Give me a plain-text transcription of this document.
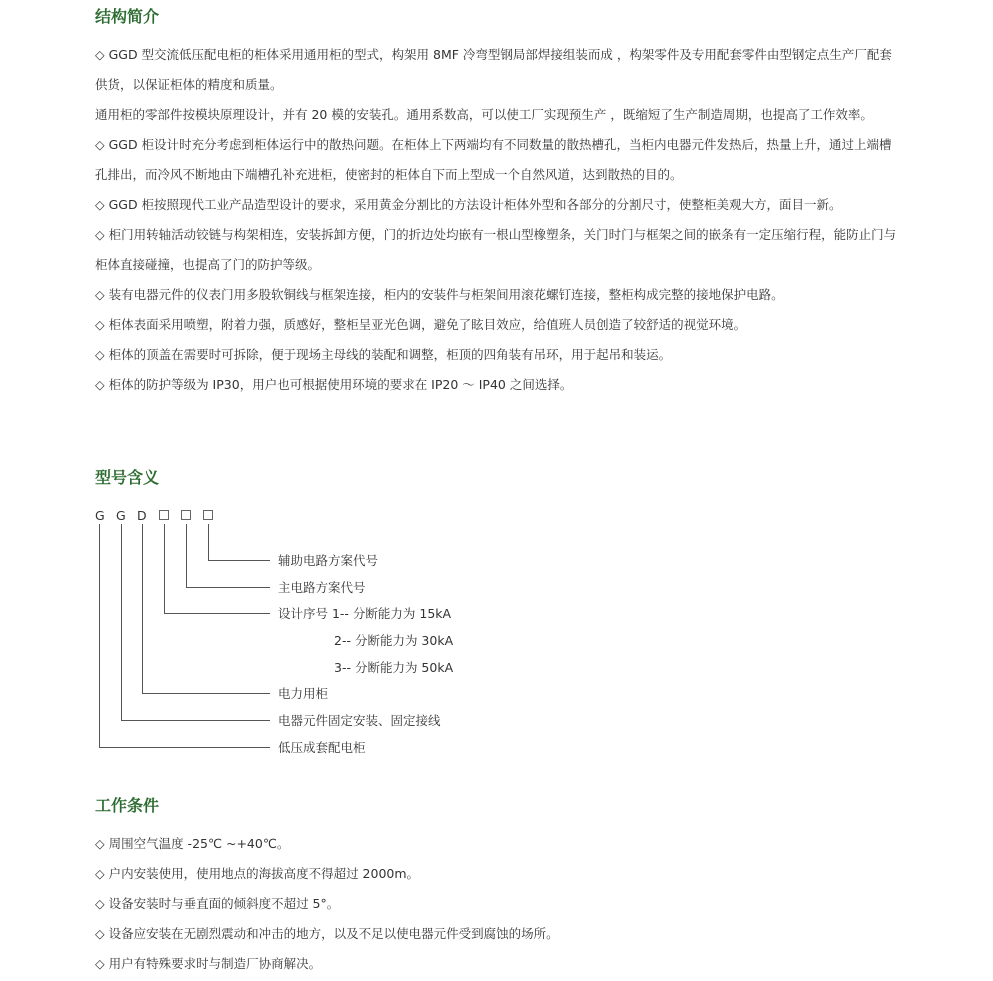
结构简介

◇ GGD 型交流低压配电柜的柜体采用通用柜的型式，构架用 8MF 冷弯型钢局部焊接组装而成 ，构架零件及专用配套零件由型钢定点生产厂配套供货，以保证柜体的精度和质量。

通用柜的零部件按模块原理设计，并有 20 模的安装孔。通用系数高，可以使工厂实现预生产 ，既缩短了生产制造周期，也提高了工作效率。

◇ GGD 柜设计时充分考虑到柜体运行中的散热问题。在柜体上下两端均有不同数量的散热槽孔，当柜内电器元件发热后，热量上升，通过上端槽孔排出，而冷风不断地由下端槽孔补充进柜，使密封的柜体自下而上型成一个自然风道，达到散热的目的。

◇ GGD 柜按照现代工业产品造型设计的要求，采用黄金分割比的方法设计柜体外型和各部分的分割尺寸，使整柜美观大方，面目一新。

◇ 柜门用转轴活动铰链与构架相连，安装拆卸方便，门的折边处均嵌有一根山型橡塑条，关门时门与框架之间的嵌条有一定压缩行程，能防止门与柜体直接碰撞，也提高了门的防护等级。

◇ 装有电器元件的仪表门用多股软铜线与框架连接，柜内的安装件与柜架间用滚花螺钉连接，整柜构成完整的接地保护电路。

◇ 柜体表面采用喷塑，附着力强，质感好，整柜呈亚光色调，避免了眩目效应，给值班人员创造了较舒适的视觉环境。

◇ 柜体的顶盖在需要时可拆除，便于现场主母线的装配和调整，柜顶的四角装有吊环，用于起吊和装运。

◇ 柜体的防护等级为 IP30，用户也可根据使用环境的要求在 IP20 ～ IP40 之间选择。

型号含义
G G D
辅助电路方案代号
主电路方案代号
设计序号 1-- 分断能力为 15kA
2-- 分断能力为 30kA
3-- 分断能力为 50kA
电力用柜
电器元件固定安装、固定接线
低压成套配电柜
工作条件

◇ 周围空气温度 -25℃ ~+40℃。

◇ 户内安装使用，使用地点的海拔高度不得超过 2000m。

◇ 设备安装时与垂直面的倾斜度不超过 5°。

◇ 设备应安装在无剧烈震动和冲击的地方，以及不足以使电器元件受到腐蚀的场所。

◇ 用户有特殊要求时与制造厂协商解决。
